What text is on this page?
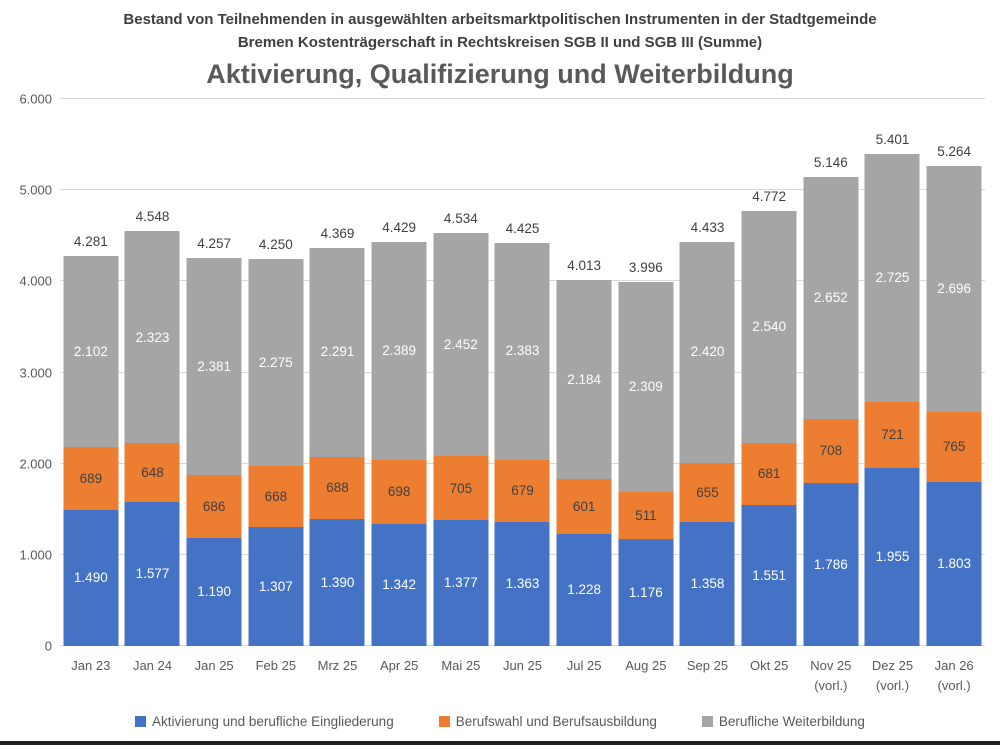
Bestand von Teilnehmenden in ausgewählten arbeitsmarktpolitischen Instrumenten in der Stadtgemeinde
Bremen Kostenträgerschaft in Rechtskreisen SGB II und SGB III (Summe)
Aktivierung, Qualifizierung und Weiterbildung
0
1.000
2.000
3.000
4.000
5.000
6.000
1.490
689
2.102
4.281
1.577
648
2.323
4.548
1.190
686
2.381
4.257
1.307
668
2.275
4.250
1.390
688
2.291
4.369
1.342
698
2.389
4.429
1.377
705
2.452
4.534
1.363
679
2.383
4.425
1.228
601
2.184
4.013
1.176
511
2.309
3.996
1.358
655
2.420
4.433
1.551
681
2.540
4.772
1.786
708
2.652
5.146
1.955
721
2.725
5.401
1.803
765
2.696
5.264
Jan 23	Jan 24	Jan 25	Feb 25	Mrz 25	Apr 25	Mai 25	Jun 25	Jul 25	Aug 25	Sep 25	Okt 25	Nov 25
(vorl.)
Dez 25
(vorl.)
Jan 26
(vorl.)
Aktivierung und berufliche Eingliederung	Berufswahl und Berufsausbildung	Berufliche Weiterbildung
